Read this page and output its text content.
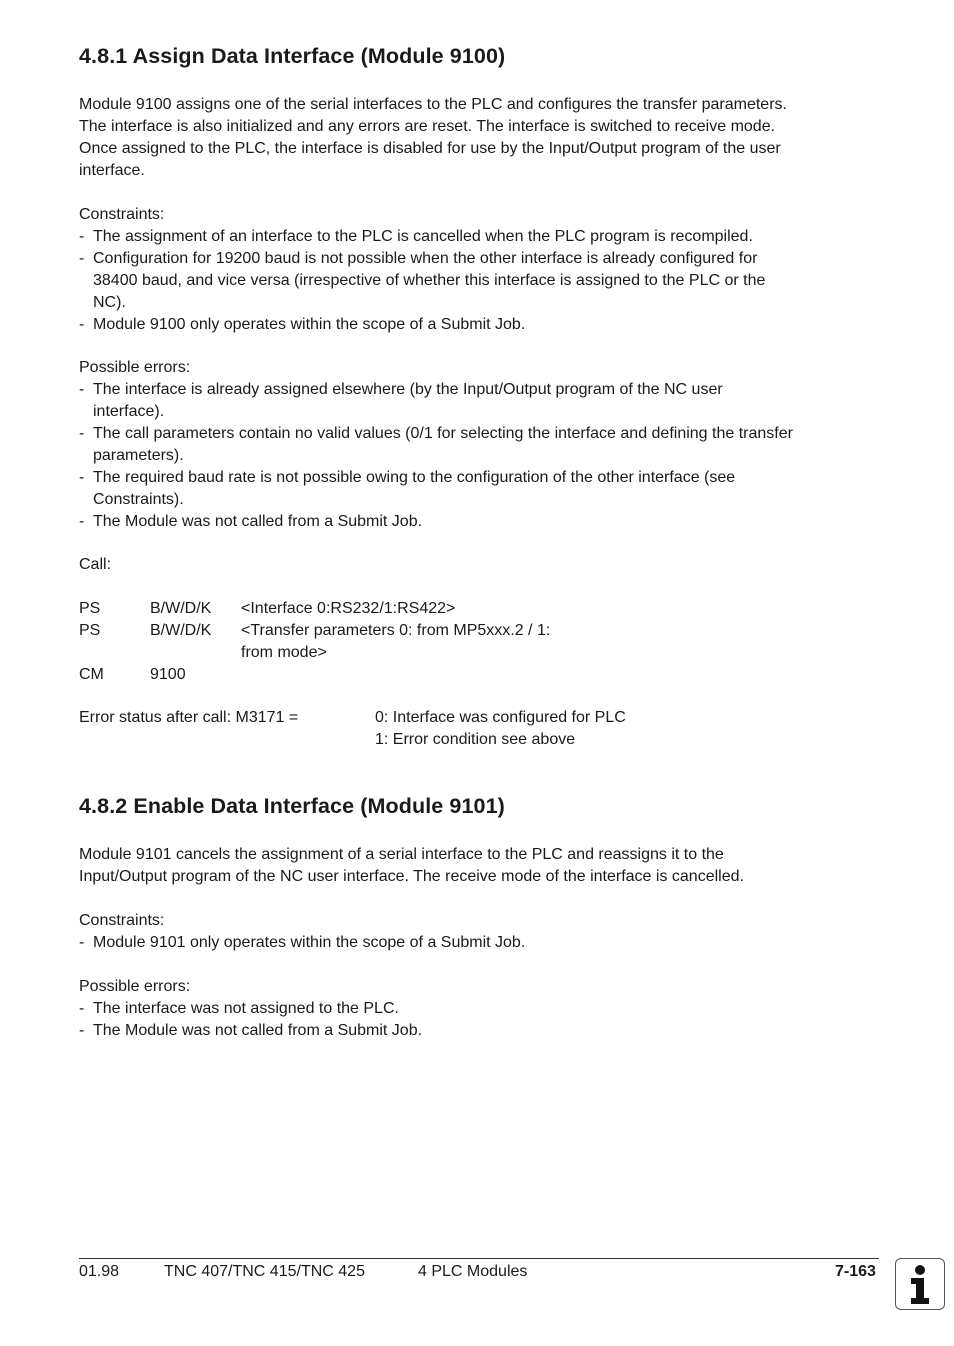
4.8.1 Assign Data Interface (Module 9100)
Module 9100 assigns one of the serial interfaces to the PLC and configures the transfer parameters.
The interface is also initialized and any errors are reset. The interface is switched to receive mode.
Once assigned to the PLC, the interface is disabled for use by the Input/Output program of the user
interface.
Constraints:
- The assignment of an interface to the PLC is cancelled when the PLC program is recompiled.
- Configuration for 19200 baud is not possible when the other interface is already configured for
38400 baud, and vice versa (irrespective of whether this interface is assigned to the PLC or the
NC).
- Module 9100 only operates within the scope of a Submit Job.
Possible errors:
- The interface is already assigned elsewhere (by the Input/Output program of the NC user
interface).
- The call parameters contain no valid values (0/1 for selecting the interface and defining the transfer
parameters).
- The required baud rate is not possible owing to the configuration of the other interface (see
Constraints).
- The Module was not called from a Submit Job.
Call:
PS	B/W/D/K <Interface 0:RS232/1:RS422>
PS	B/W/D/K <Transfer parameters 0: from MP5xxx.2 / 1:
from mode>
CM	9100
Error status after call: M3171 =	0: Interface was configured for PLC
1: Error condition see above
4.8.2 Enable Data Interface (Module 9101)
Module 9101 cancels the assignment of a serial interface to the PLC and reassigns it to the
Input/Output program of the NC user interface. The receive mode of the interface is cancelled.
Constraints:
- Module 9101 only operates within the scope of a Submit Job.
Possible errors:
- The interface was not assigned to the PLC.
- The Module was not called from a Submit Job.
01.98	TNC 407/TNC 415/TNC 425	4 PLC Modules	7-163
